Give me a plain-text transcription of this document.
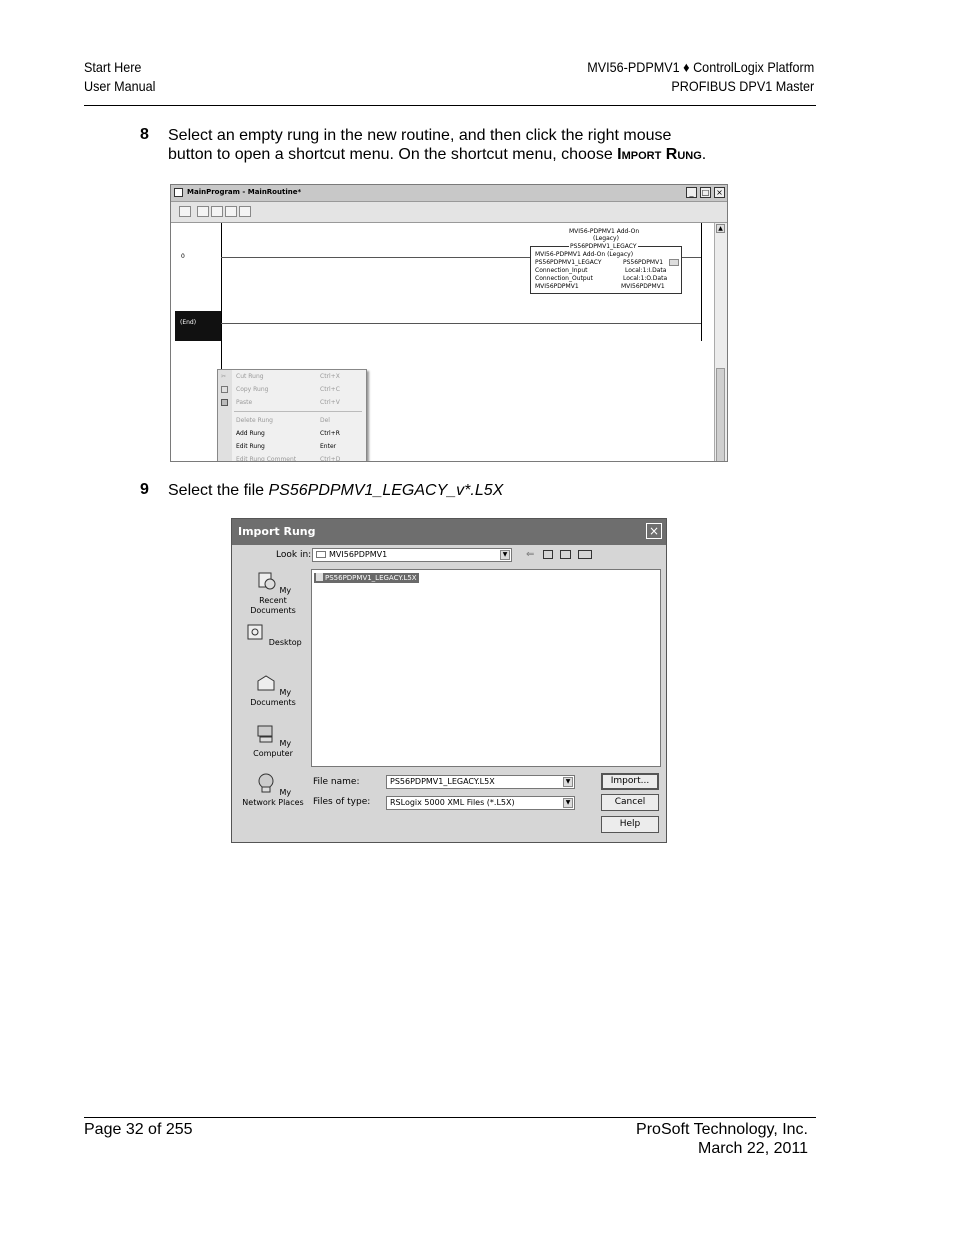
Start Here
User Manual
MVI56-PDPMV1 ♦ ControlLogix Platform
PROFIBUS DPV1 Master
8 Select an empty rung in the new routine, and then click the right mouse
button to open a shortcut menu. On the shortcut menu, choose Import Rung.
MainProgram - MainRoutine*	_	□ ×
0
(End)
MVI56-PDPMV1 Add-On
(Legacy)
PS56PDPMV1_LEGACY
MVI56-PDPMV1 Add-On (Legacy)
PS56PDPMV1_LEGACY	PS56PDPMV1
Connection_Input	Local:1:I.Data
Connection_Output	Local:1:O.Data
MVI56PDPMV1	MVI56PDPMV1
✂ Cut Rung	Ctrl+X
Copy Rung	Ctrl+C
Paste	Ctrl+V
Delete Rung	Del
Add Rung	Ctrl+R
Edit Rung	Enter
Edit Rung Comment	Ctrl+D
▲
9 Select the file PS56PDPMV1_LEGACY_v*.L5X
Import Rung	×
Look in:	MVI56PDPMV1	▼ ⇐
My Recent Documents
Desktop
My Documents
My Computer
My Network Places
PS56PDPMV1_LEGACY.L5X
File name:	PS56PDPMV1_LEGACY.L5X	▼
Files of type:	RSLogix 5000 XML Files (*.L5X)	▼
Import...
Cancel
Help
Page 32 of 255	ProSoft Technology, Inc.
March 22, 2011
